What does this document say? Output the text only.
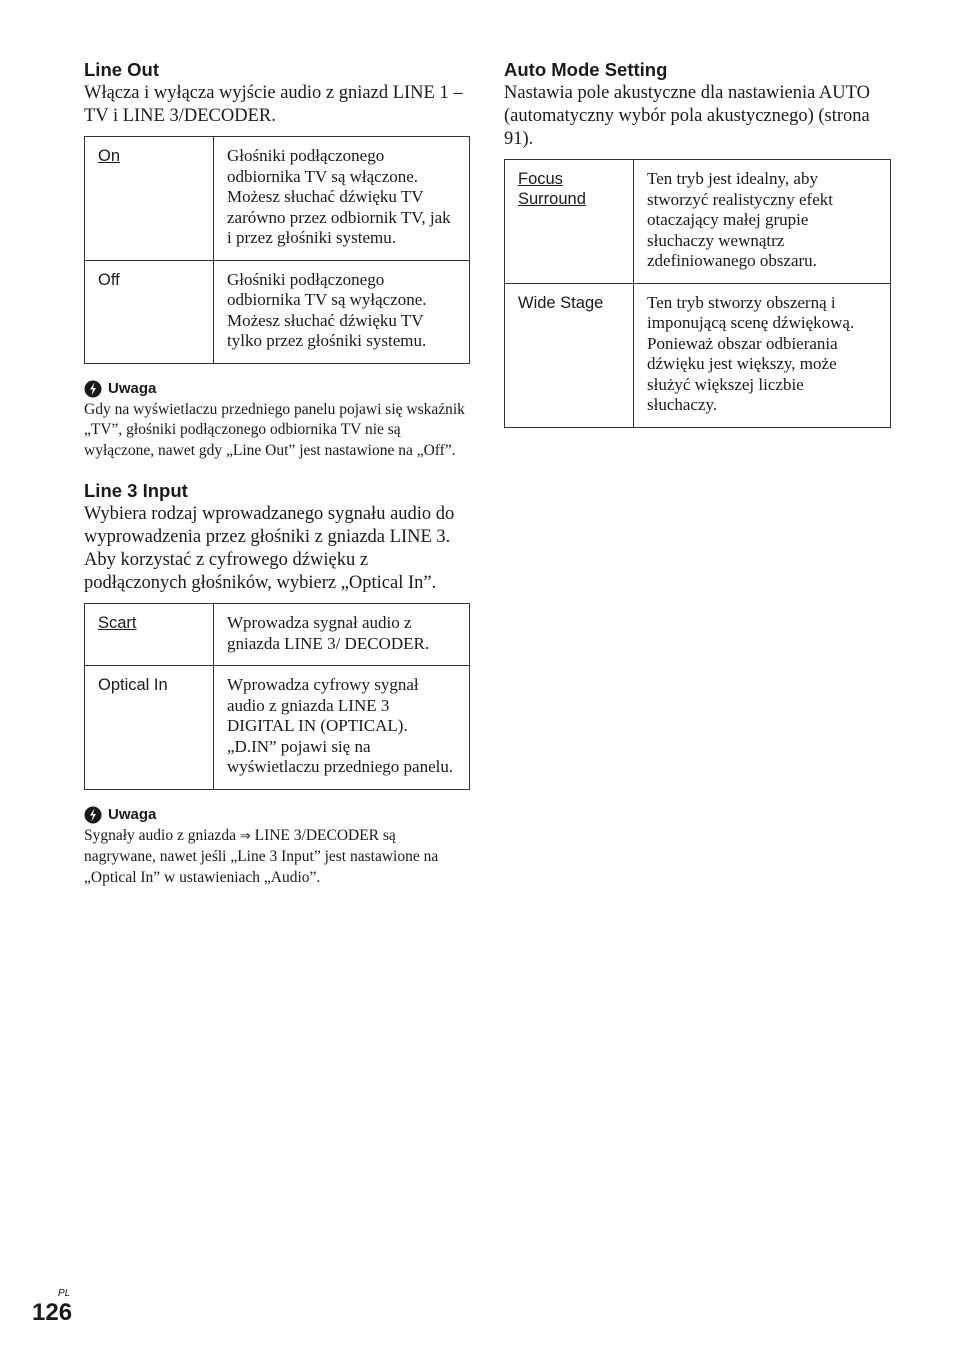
Line Out

Włącza i wyłącza wyjście audio z gniazd LINE 1 – TV i LINE 3/DECODER.

On	Głośniki podłączonego odbiornika TV są włączone. Możesz słuchać dźwięku TV zarówno przez odbiornik TV, jak i przez głośniki systemu.
Off	Głośniki podłączonego odbiornika TV są wyłączone. Możesz słuchać dźwięku TV tylko przez głośniki systemu.
Uwaga

Gdy na wyświetlaczu przedniego panelu pojawi się wskaźnik „TV”, głośniki podłączonego odbiornika TV nie są wyłączone, nawet gdy „Line Out” jest nastawione na „Off”.

Line 3 Input

Wybiera rodzaj wprowadzanego sygnału audio do wyprowadzenia przez głośniki z gniazda LINE 3.

Aby korzystać z cyfrowego dźwięku z podłączonych głośników, wybierz „Optical In”.

Scart	Wprowadza sygnał audio z gniazda LINE 3/ DECODER.
Optical In	Wprowadza cyfrowy sygnał audio z gniazda LINE 3 DIGITAL IN (OPTICAL). „D.IN” pojawi się na wyświetlaczu przedniego panelu.
Uwaga

Sygnały audio z gniazda ⇒ LINE 3/DECODER są nagrywane, nawet jeśli „Line 3 Input” jest nastawione na „Optical In” w ustawieniach „Audio”.

Auto Mode Setting

Nastawia pole akustyczne dla nastawienia AUTO (automatyczny wybór pola akustycznego) (strona 91).

Focus Surround	Ten tryb jest idealny, aby stworzyć realistyczny efekt otaczający małej grupie słuchaczy wewnątrz zdefiniowanego obszaru.
Wide Stage	Ten tryb stworzy obszerną i imponującą scenę dźwiękową. Ponieważ obszar odbierania dźwięku jest większy, może służyć większej liczbie słuchaczy.
PL
126
